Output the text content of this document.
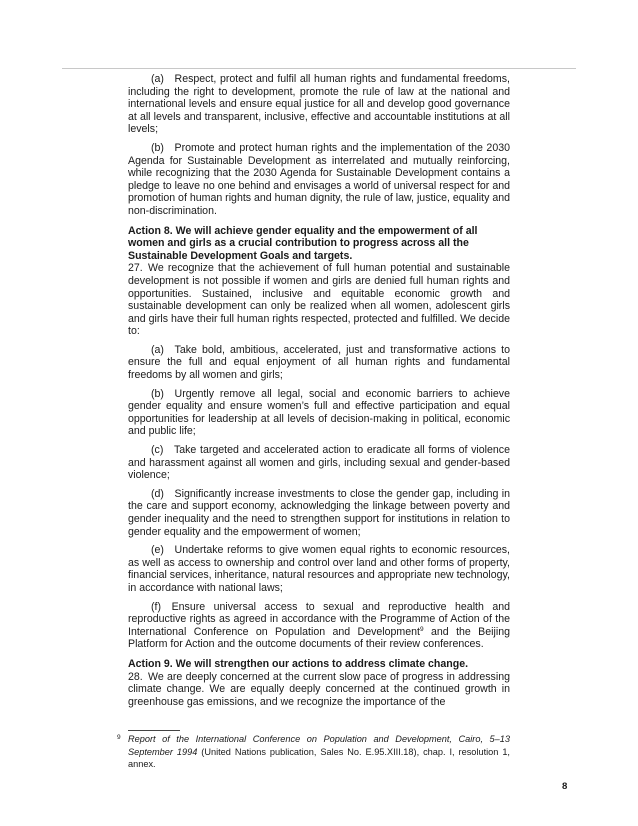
(a) Respect, protect and fulfil all human rights and fundamental freedoms, including the right to development, promote the rule of law at the national and international levels and ensure equal justice for all and develop good governance at all levels and transparent, inclusive, effective and accountable institutions at all levels;

(b) Promote and protect human rights and the implementation of the 2030 Agenda for Sustainable Development as interrelated and mutually reinforcing, while recognizing that the 2030 Agenda for Sustainable Development contains a pledge to leave no one behind and envisages a world of universal respect for and promotion of human rights and human dignity, the rule of law, justice, equality and non-discrimination.

Action 8. We will achieve gender equality and the empowerment of all women and girls as a crucial contribution to progress across all the Sustainable Development Goals and targets.

27. We recognize that the achievement of full human potential and sustainable development is not possible if women and girls are denied full human rights and opportunities. Sustained, inclusive and equitable economic growth and sustainable development can only be realized when all women, adolescent girls and girls have their full human rights respected, protected and fulfilled. We decide to:

(a) Take bold, ambitious, accelerated, just and transformative actions to ensure the full and equal enjoyment of all human rights and fundamental freedoms by all women and girls;

(b) Urgently remove all legal, social and economic barriers to achieve gender equality and ensure women’s full and effective participation and equal opportunities for leadership at all levels of decision-making in political, economic and public life;

(c) Take targeted and accelerated action to eradicate all forms of violence and harassment against all women and girls, including sexual and gender-based violence;

(d) Significantly increase investments to close the gender gap, including in the care and support economy, acknowledging the linkage between poverty and gender inequality and the need to strengthen support for institutions in relation to gender equality and the empowerment of women;

(e) Undertake reforms to give women equal rights to economic resources, as well as access to ownership and control over land and other forms of property, financial services, inheritance, natural resources and appropriate new technology, in accordance with national laws;

(f) Ensure universal access to sexual and reproductive health and reproductive rights as agreed in accordance with the Programme of Action of the International Conference on Population and Development$^9$ and the Beijing Platform for Action and the outcome documents of their review conferences.

Action 9. We will strengthen our actions to address climate change.

28. We are deeply concerned at the current slow pace of progress in addressing climate change. We are equally deeply concerned at the continued growth in greenhouse gas emissions, and we recognize the importance of the

9 Report of the International Conference on Population and Development, Cairo, 5–13 September 1994 (United Nations publication, Sales No. E.95.XIII.18), chap. I, resolution 1, annex.
8
